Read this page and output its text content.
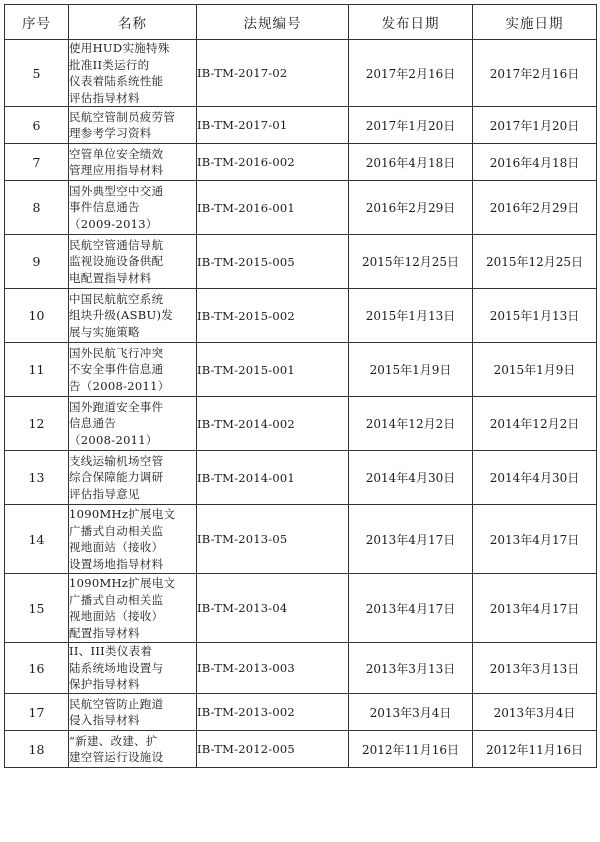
序号	名称	法规编号	发布日期	实施日期
5	使用HUD实施特殊
批准II类运行的
仪表着陆系统性能
评估指导材料	IB-TM-2017-02	2017年2月16日	2017年2月16日
6	民航空管制员疲劳管
理参考学习资料	IB-TM-2017-01	2017年1月20日	2017年1月20日
7	空管单位安全绩效
管理应用指导材料	IB-TM-2016-002	2016年4月18日	2016年4月18日
8	国外典型空中交通
事件信息通告
（2009-2013）	IB-TM-2016-001	2016年2月29日	2016年2月29日
9	民航空管通信导航
监视设施设备供配
电配置指导材料	IB-TM-2015-005	2015年12月25日	2015年12月25日
10	中国民航航空系统
组块升级(ASBU)发
展与实施策略	IB-TM-2015-002	2015年1月13日	2015年1月13日
11	国外民航飞行冲突
不安全事件信息通
告（2008-2011）	IB-TM-2015-001	2015年1月9日	2015年1月9日
12	国外跑道安全事件
信息通告
（2008-2011）	IB-TM-2014-002	2014年12月2日	2014年12月2日
13	支线运输机场空管
综合保障能力调研
评估指导意见	IB-TM-2014-001	2014年4月30日	2014年4月30日
14	1090MHz扩展电文
广播式自动相关监
视地面站（接收）
设置场地指导材料	IB-TM-2013-05	2013年4月17日	2013年4月17日
15	1090MHz扩展电文
广播式自动相关监
视地面站（接收）
配置指导材料	IB-TM-2013-04	2013年4月17日	2013年4月17日
16	II、III类仪表着
陆系统场地设置与
保护指导材料	IB-TM-2013-003	2013年3月13日	2013年3月13日
17	民航空管防止跑道
侵入指导材料	IB-TM-2013-002	2013年3月4日	2013年3月4日
18	“新建、改建、扩
建空管运行设施设	IB-TM-2012-005	2012年11月16日	2012年11月16日
